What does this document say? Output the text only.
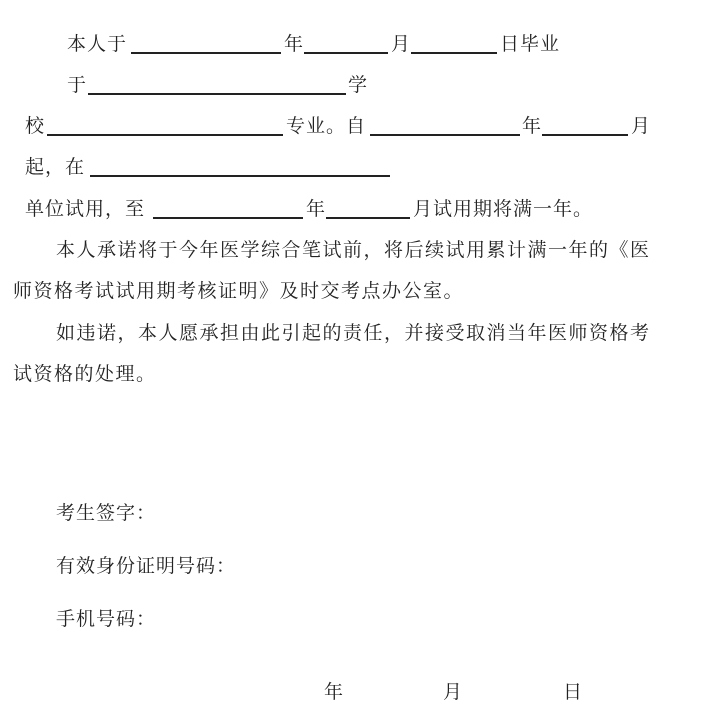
本人于	年	月	日毕业
于	学
校	专业。自	年	月
起，在
单位试用，至	年	月试用期将满一年。
本人承诺将于今年医学综合笔试前，将后续试用累计满一年的《医
师资格考试试用期考核证明》及时交考点办公室。
如违诺，本人愿承担由此引起的责任，并接受取消当年医师资格考
试资格的处理。
考生签字：
有效身份证明号码：
手机号码：
年	月	日
